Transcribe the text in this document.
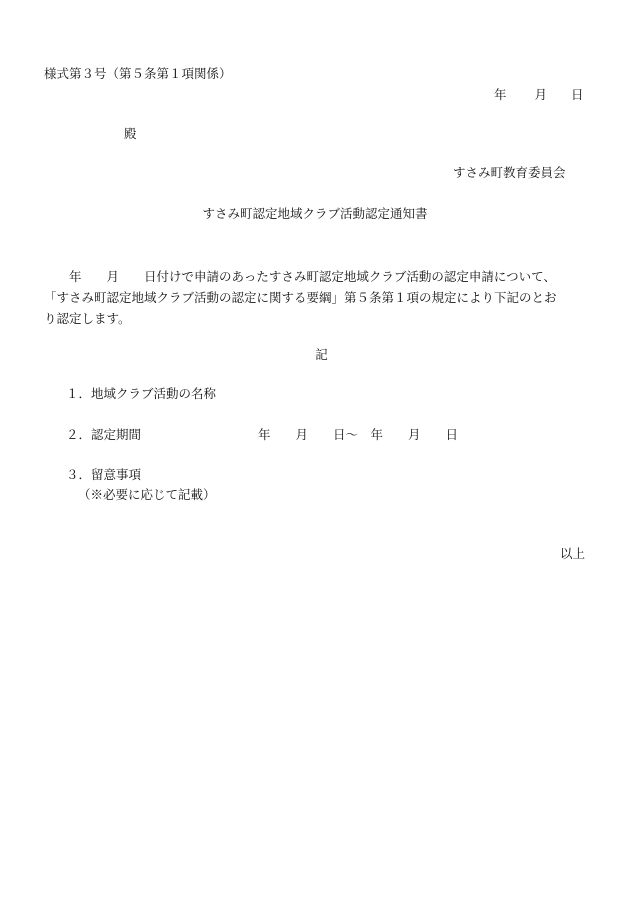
様式第３号（第５条第１項関係）
年 月 日
殿
すさみ町教育委員会
すさみ町認定地域クラブ活動認定通知書
年　　月　　日付けで申請のあったすさみ町認定地域クラブ活動の認定申請について、
「すさみ町認定地域クラブ活動の認定に関する要綱」第５条第１項の規定により下記のとお
り認定します。
記
１．地域クラブ活動の名称
２．認定期間	年　　月　　日～　年　　月　　日
３．留意事項
（※必要に応じて記載）
以上
